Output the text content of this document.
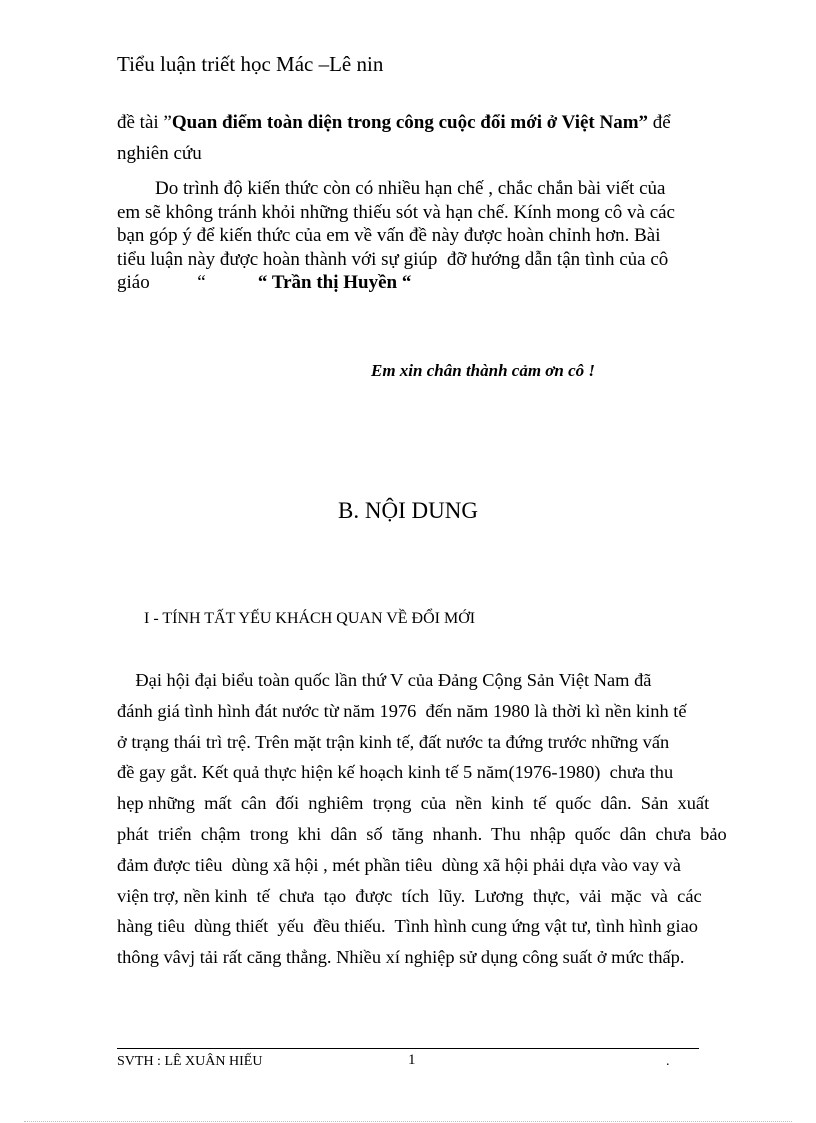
Tiểu luận triết học Mác –Lê nin
đề tài ”Quan điểm toàn diện trong công cuộc đổi mới ở Việt Nam” để
nghiên cứu
Do trình độ kiến thức còn có nhiều hạn chế , chắc chắn bài viết của
em sẽ không tránh khỏi những thiếu sót và hạn chế. Kính mong cô và các
bạn góp ý để kiến thức của em về vấn đề này được hoàn chỉnh hơn. Bài
tiểu luận này được hoàn thành với sự giúp  đỡ hướng dẫn tận tình của cô
giáo          “           “ Trần thị Huyền “
Em xin chân thành cảm ơn cô !
B. NỘI DUNG
I - TÍNH TẤT YẾU KHÁCH QUAN VỀ ĐỔI MỚI
Đại hội đại biểu toàn quốc lần thứ V của Đảng Cộng Sản Việt Nam đã
đánh giá tình hình đát nước từ năm 1976  đến năm 1980 là thời kì nền kinh tế
ở trạng thái trì trệ. Trên mặt trận kinh tế, đất nước ta đứng trước những vấn
đề gay gắt. Kết quả thực hiện kế hoạch kinh tế 5 năm(1976-1980)  chưa thu
hẹp những  mất  cân  đối  nghiêm  trọng  của  nền  kinh  tế  quốc  dân.  Sản  xuất
phát  triển  chậm  trong  khi  dân  số  tăng  nhanh.  Thu  nhập  quốc  dân  chưa  bảo
đảm được tiêu  dùng xã hội , mét phần tiêu  dùng xã hội phải dựa vào vay và
viện trợ, nền kinh  tế  chưa  tạo  được  tích  lũy.  Lương  thực,  vải  mặc  và  các
hàng tiêu  dùng thiết  yếu  đều thiếu.  Tình hình cung ứng vật tư, tình hình giao
thông vâvj tải rất căng thẳng. Nhiều xí nghiệp sử dụng công suất ở mức thấp.
SVTH : LÊ XUÂN HIẾU	1	.
